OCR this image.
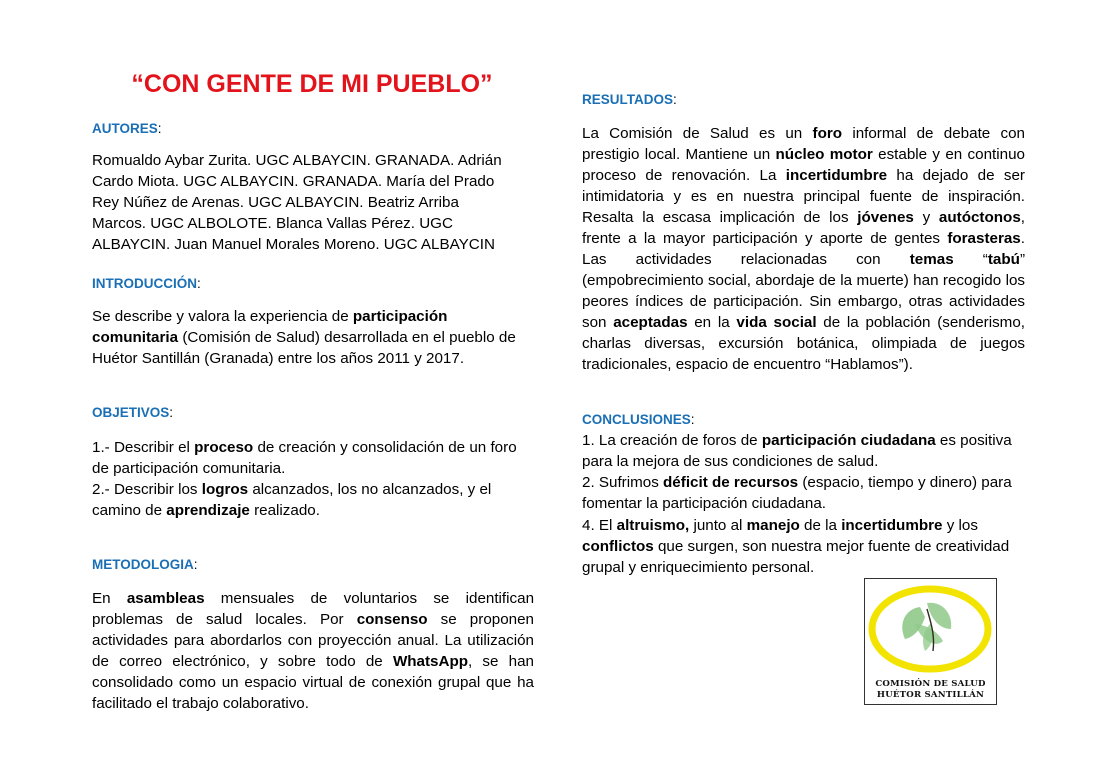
“CON GENTE DE MI PUEBLO”
AUTORES:
Romualdo Aybar Zurita. UGC ALBAYCIN. GRANADA. Adrián
Cardo Miota. UGC ALBAYCIN. GRANADA. María del Prado
Rey Núñez de Arenas. UGC ALBAYCIN. Beatriz Arriba
Marcos. UGC ALBOLOTE. Blanca Vallas Pérez. UGC
ALBAYCIN. Juan Manuel Morales Moreno. UGC ALBAYCIN
INTRODUCCIÓN:

Se describe y valora la experiencia de participación comunitaria (Comisión de Salud) desarrollada en el pueblo de Huétor Santillán (Granada) entre los años 2011 y 2017.

OBJETIVOS:

1.- Describir el proceso de creación y consolidación de un foro de participación comunitaria.

2.- Describir los logros alcanzados, los no alcanzados, y el camino de aprendizaje realizado.

METODOLOGIA:

En asambleas mensuales de voluntarios se identifican problemas de salud locales. Por consenso se proponen actividades para abordarlos con proyección anual. La utilización de correo electrónico, y sobre todo de WhatsApp, se han consolidado como un espacio virtual de conexión grupal que ha facilitado el trabajo colaborativo.

RESULTADOS:

La Comisión de Salud es un foro informal de debate con prestigio local. Mantiene un núcleo motor estable y en continuo proceso de renovación. La incertidumbre ha dejado de ser intimidatoria y es en nuestra principal fuente de inspiración. Resalta la escasa implicación de los jóvenes y autóctonos, frente a la mayor participación y aporte de gentes forasteras. Las actividades relacionadas con temas “tabú” (empobrecimiento social, abordaje de la muerte) han recogido los peores índices de participación. Sin embargo, otras actividades son aceptadas en la vida social de la población (senderismo, charlas diversas, excursión botánica, olimpiada de juegos tradicionales, espacio de encuentro “Hablamos”).

CONCLUSIONES:

1. La creación de foros de participación ciudadana es positiva para la mejora de sus condiciones de salud.

2. Sufrimos déficit de recursos (espacio, tiempo y dinero) para fomentar la participación ciudadana.

4. El altruismo, junto al manejo de la incertidumbre y los conflictos que surgen, son nuestra mejor fuente de creatividad grupal y enriquecimiento personal.

COMISIÓN DE SALUD
HUÉTOR SANTILLÁN
